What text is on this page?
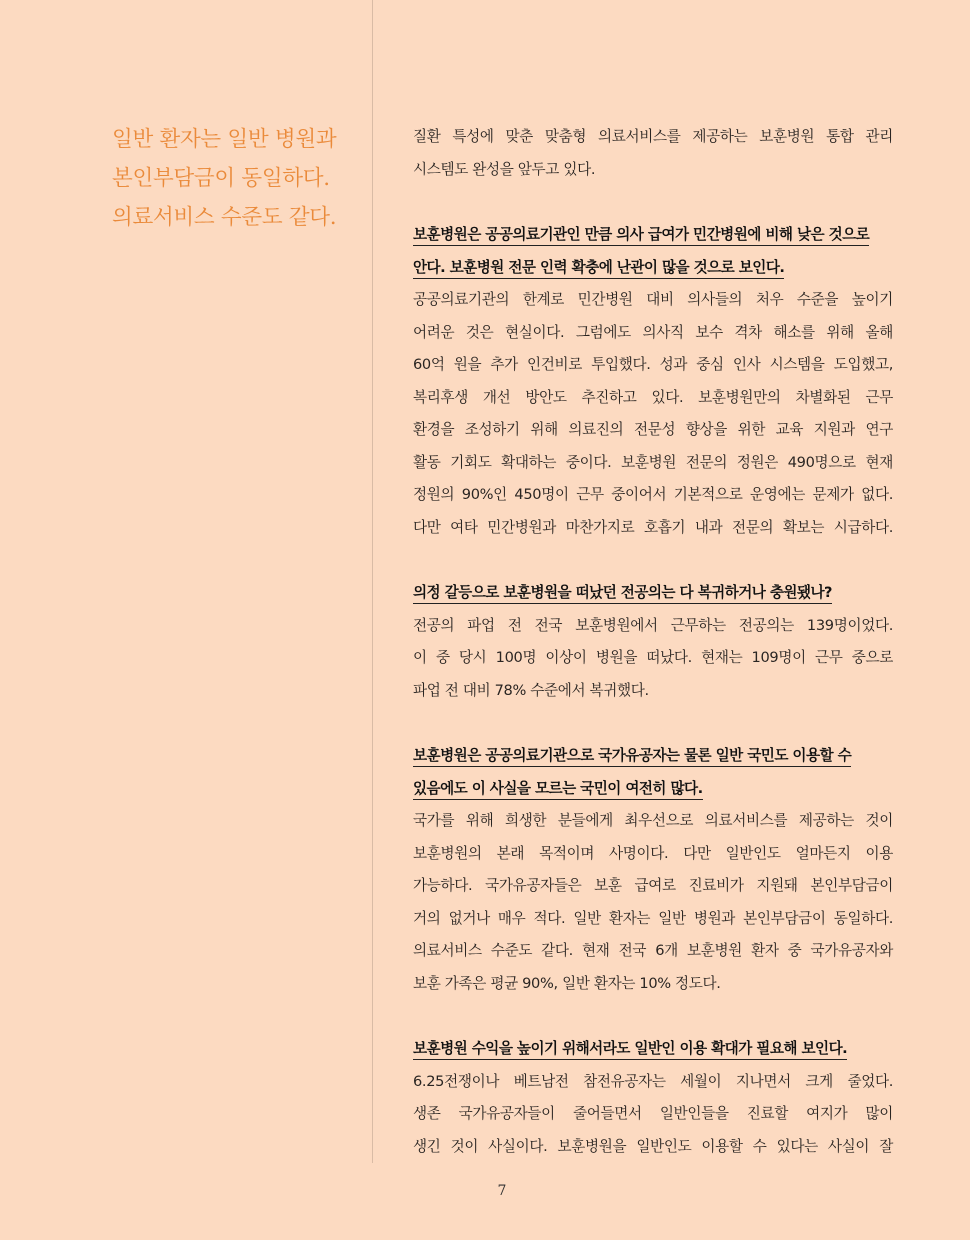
일반 환자는 일반 병원과
본인부담금이 동일하다.
의료서비스 수준도 같다.
질환 특성에 맞춘 맞춤형 의료서비스를 제공하는 보훈병원 통합 관리
시스템도 완성을 앞두고 있다.
보훈병원은 공공의료기관인 만큼 의사 급여가 민간병원에 비해 낮은 것으로
안다. 보훈병원 전문 인력 확충에 난관이 많을 것으로 보인다.
공공의료기관의 한계로 민간병원 대비 의사들의 처우 수준을 높이기
어려운 것은 현실이다. 그럼에도 의사직 보수 격차 해소를 위해 올해
60억 원을 추가 인건비로 투입했다. 성과 중심 인사 시스템을 도입했고,
복리후생 개선 방안도 추진하고 있다. 보훈병원만의 차별화된 근무
환경을 조성하기 위해 의료진의 전문성 향상을 위한 교육 지원과 연구
활동 기회도 확대하는 중이다. 보훈병원 전문의 정원은 490명으로 현재
정원의 90%인 450명이 근무 중이어서 기본적으로 운영에는 문제가 없다.
다만 여타 민간병원과 마찬가지로 호흡기 내과 전문의 확보는 시급하다.
의정 갈등으로 보훈병원을 떠났던 전공의는 다 복귀하거나 충원됐나?
전공의 파업 전 전국 보훈병원에서 근무하는 전공의는 139명이었다.
이 중 당시 100명 이상이 병원을 떠났다. 현재는 109명이 근무 중으로
파업 전 대비 78% 수준에서 복귀했다.
보훈병원은 공공의료기관으로 국가유공자는 물론 일반 국민도 이용할 수
있음에도 이 사실을 모르는 국민이 여전히 많다.
국가를 위해 희생한 분들에게 최우선으로 의료서비스를 제공하는 것이
보훈병원의 본래 목적이며 사명이다. 다만 일반인도 얼마든지 이용
가능하다. 국가유공자들은 보훈 급여로 진료비가 지원돼 본인부담금이
거의 없거나 매우 적다. 일반 환자는 일반 병원과 본인부담금이 동일하다.
의료서비스 수준도 같다. 현재 전국 6개 보훈병원 환자 중 국가유공자와
보훈 가족은 평균 90%, 일반 환자는 10% 정도다.
보훈병원 수익을 높이기 위해서라도 일반인 이용 확대가 필요해 보인다.
6.25전쟁이나 베트남전 참전유공자는 세월이 지나면서 크게 줄었다.
생존 국가유공자들이 줄어들면서 일반인들을 진료할 여지가 많이
생긴 것이 사실이다. 보훈병원을 일반인도 이용할 수 있다는 사실이 잘
7
